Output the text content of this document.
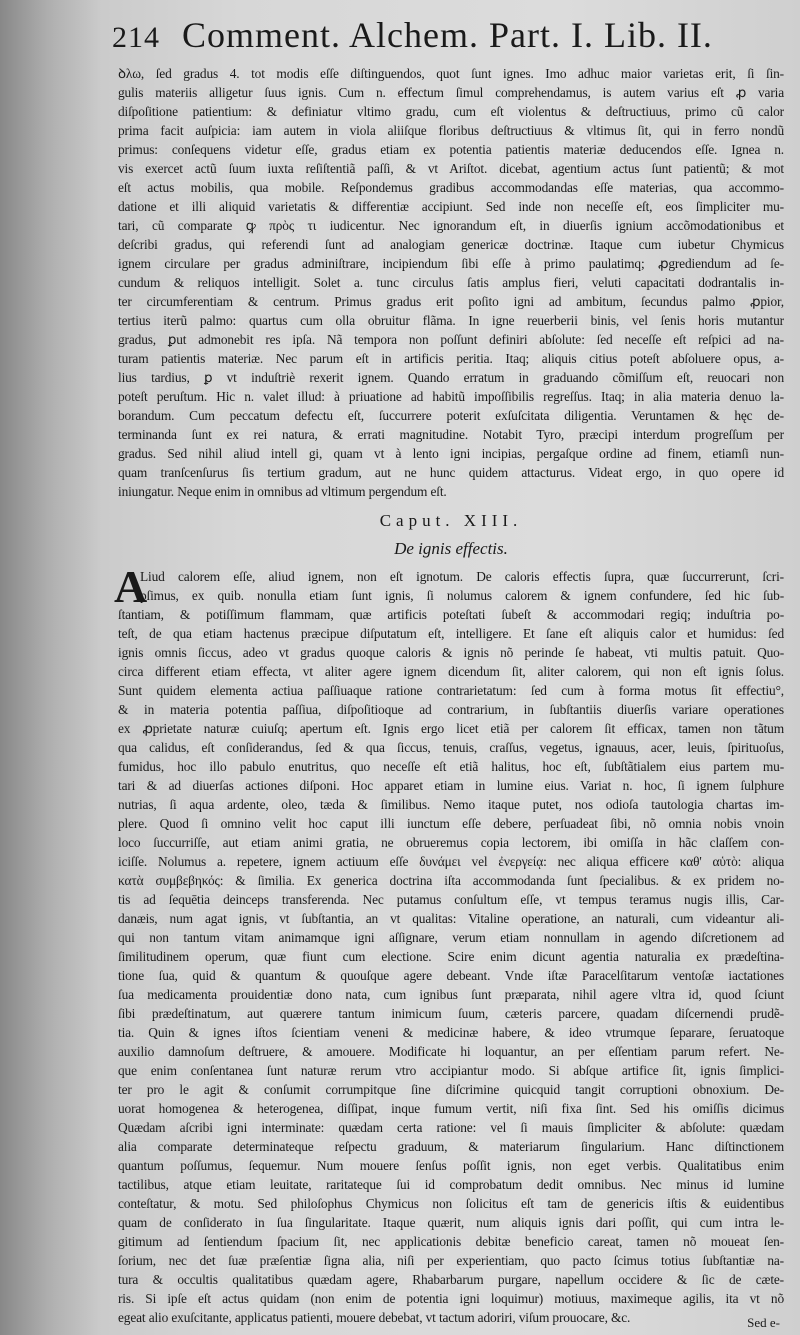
214 Comment. Alchem. Part. I. Lib. II.
ꝺλω, ſed gradus 4. tot modis eſſe diſtinguendos, quot ſunt ignes. Imo adhuc maior varietas erit, ſi ſin-
gulis materiis alligetur ſuus ignis. Cum n. effectum ſimul comprehendamus, is autem varius eſt ꝓ varia
diſpoſitione patientium: & definiatur vltimo gradu, cum eſt violentus & deſtructiuus, primo cũ calor
prima facit auſpicia: iam autem in viola aliiſque floribus deſtructiuus & vltimus ſit, qui in ferro nondũ
primus: conſequens videtur eſſe, gradus etiam ex potentia patientis materiæ deducendos eſſe. Ignea n.
vis exercet actũ ſuum iuxta reſiſtentiã paſſi, & vt Ariſtot. dicebat, agentium actus ſunt patientũ; & mot
eſt actus mobilis, qua mobile. Reſpondemus gradibus accommodandas eſſe materias, qua accommo-
datione et illi aliquid varietatis & differentiæ accipiunt. Sed inde non neceſſe eſt, eos ſimpliciter mu-
tari, cũ comparate ꝙ πρὸς τι iudicentur. Nec ignorandum eſt, in diuerſis ignium accõmodationibus et
deſcribi gradus, qui referendi ſunt ad analogiam genericæ doctrinæ. Itaque cum iubetur Chymicus
ignem circulare per gradus adminiſtrare, incipiendum ſibi eſſe à primo paulatimq; ꝓgrediendum ad ſe-
cundum & reliquos intelligit. Solet a. tunc circulus ſatis amplus fieri, veluti capacitati dodrantalis in-
ter circumferentiam & centrum. Primus gradus erit poſito igni ad ambitum, ſecundus palmo ꝓpior,
tertius iterũ palmo: quartus cum olla obruitur flãma. In igne reuerberii binis, vel ſenis horis mutantur
gradus, ꝑut admonebit res ipſa. Nã tempora non poſſunt definiri abſolute: ſed neceſſe eſt reſpici ad na-
turam patientis materiæ. Nec parum eſt in artificis peritia. Itaq; aliquis citius poteſt abſoluere opus, a-
lius tardius, ꝑ vt induſtriè rexerit ignem. Quando erratum in graduando cõmiſſum eſt, reuocari non
poteſt peruſtum. Hic n. valet illud: à priuatione ad habitũ impoſſibilis regreſſus. Itaq; in alia materia denuo la-
borandum. Cum peccatum defectu eſt, ſuccurrere poterit exſuſcitata diligentia. Veruntamen & hęc de-
terminanda ſunt ex rei natura, & errati magnitudine. Notabit Tyro, præcipi interdum progreſſum per
gradus. Sed nihil aliud intell gi, quam vt à lento igni incipias, pergaſque ordine ad finem, etiamſi nun-
quam tranſcenſurus ſis tertium gradum, aut ne hunc quidem attacturus. Videat ergo, in quo opere id
iniungatur. Neque enim in omnibus ad vltimum pergendum eſt.
Caput. XIII.
De ignis effectis.
A
Liud calorem eſſe, aliud ignem, non eſt ignotum. De caloris effectis ſupra, quæ ſuccurrerunt, ſcri-
pſimus, ex quib. nonulla etiam ſunt ignis, ſi nolumus calorem & ignem confundere, ſed hic ſub-
ſtantiam, & potiſſimum flammam, quæ artificis poteſtati ſubeſt & accommodari regiq; induſtria po-
teſt, de qua etiam hactenus præcipue diſputatum eſt, intelligere. Et ſane eſt aliquis calor et humidus: ſed
ignis omnis ſiccus, adeo vt gradus quoque caloris & ignis nõ perinde ſe habeat, vti multis patuit. Quo-
circa different etiam effecta, vt aliter agere ignem dicendum ſit, aliter calorem, qui non eſt ignis ſolus.
Sunt quidem elementa actiua paſſiuaque ratione contrarietatum: ſed cum à forma motus ſit effectiu°,
& in materia potentia paſſiua, diſpoſitioque ad contrarium, in ſubſtantiis diuerſis variare operationes
ex ꝓprietate naturæ cuiuſq; apertum eſt. Ignis ergo licet etiã per calorem ſit efficax, tamen non tãtum
qua calidus, eſt conſiderandus, ſed & qua ſiccus, tenuis, craſſus, vegetus, ignauus, acer, leuis, ſpirituoſus,
fumidus, hoc illo pabulo enutritus, quo neceſſe eſt etiã halitus, hoc eſt, ſubſtãtialem eius partem mu-
tari & ad diuerſas actiones diſponi. Hoc apparet etiam in lumine eius. Variat n. hoc, ſi ignem ſulphure
nutrias, ſi aqua ardente, oleo, tæda & ſimilibus. Nemo itaque putet, nos odioſa tautologia chartas im-
plere. Quod ſi omnino velit hoc caput illi iunctum eſſe debere, perſuadeat ſibi, nõ omnia nobis vnoin
loco ſuccurriſſe, aut etiam animi gratia, ne obrueremus copia lectorem, ibi omiſſa in hãc claſſem con-
iciſſe. Nolumus a. repetere, ignem actiuum eſſe δυνάμει vel ἐνεργείᾳ: nec aliqua efficere καθ' αὑτὸ: aliqua
κατὰ συμβεβηκός: & ſimilia. Ex generica doctrina iſta accommodanda ſunt ſpecialibus. & ex pridem no-
tis ad ſequētia deinceps transferenda. Nec putamus conſultum eſſe, vt tempus teramus nugis illis, Car-
danæis, num agat ignis, vt ſubſtantia, an vt qualitas: Vitaline operatione, an naturali, cum videantur ali-
qui non tantum vitam animamque igni aſſignare, verum etiam nonnullam in agendo diſcretionem ad
ſimilitudinem operum, quæ fiunt cum electione. Scire enim dicunt agentia naturalia ex prædeſtina-
tione ſua, quid & quantum & quouſque agere debeant. Vnde iſtæ Paracelſitarum ventoſæ iactationes
ſua medicamenta prouidentiæ dono nata, cum ignibus ſunt præparata, nihil agere vltra id, quod ſciunt
ſibi prædeſtinatum, aut quærere tantum inimicum ſuum, cæteris parcere, quadam diſcernendi prudẽ-
tia. Quin & ignes iſtos ſcientiam veneni & medicinæ habere, & ideo vtrumque ſeparare, ſeruatoque
auxilio damnoſum deſtruere, & amouere. Modificate hi loquantur, an per eſſentiam parum refert. Ne-
que enim conſentanea ſunt naturæ rerum vtro accipiantur modo. Si abſque artifice ſit, ignis ſimplici-
ter pro le agit & conſumit corrumpitque ſine diſcrimine quicquid tangit corruptioni obnoxium. De-
uorat homogenea & heterogenea, diſſipat, inque fumum vertit, niſi fixa ſint. Sed his omiſſis dicimus
Quædam aſcribi igni interminate: quædam certa ratione: vel ſi mauis ſimpliciter & abſolute: quædam
alia comparate determinateque reſpectu graduum, & materiarum ſingularium. Hanc diſtinctionem
quantum poſſumus, ſequemur. Num mouere ſenſus poſſit ignis, non eget verbis. Qualitatibus enim
tactilibus, atque etiam leuitate, raritateque ſui id comprobatum dedit omnibus. Nec minus id lumine
conteſtatur, & motu. Sed philoſophus Chymicus non ſolicitus eſt tam de genericis iſtis & euidentibus
quam de conſiderato in ſua ſingularitate. Itaque quærit, num aliquis ignis dari poſſit, qui cum intra le-
gitimum ad ſentiendum ſpacium ſit, nec applicationis debitæ beneficio careat, tamen nõ moueat ſen-
ſorium, nec det ſuæ præſentiæ ſigna alia, niſi per experientiam, quo pacto ſcimus totius ſubſtantiæ na-
tura & occultis qualitatibus quædam agere, Rhabarbarum purgare, napellum occidere & ſic de cæte-
ris. Si ipſe eſt actus quidam (non enim de potentia igni loquimur) motiuus, maximeque agilis, ita vt nõ
egeat alio exuſcitante, applicatus patienti, mouere debebat, vt tactum adoriri, viſum prouocare, &c.	Sed e-
